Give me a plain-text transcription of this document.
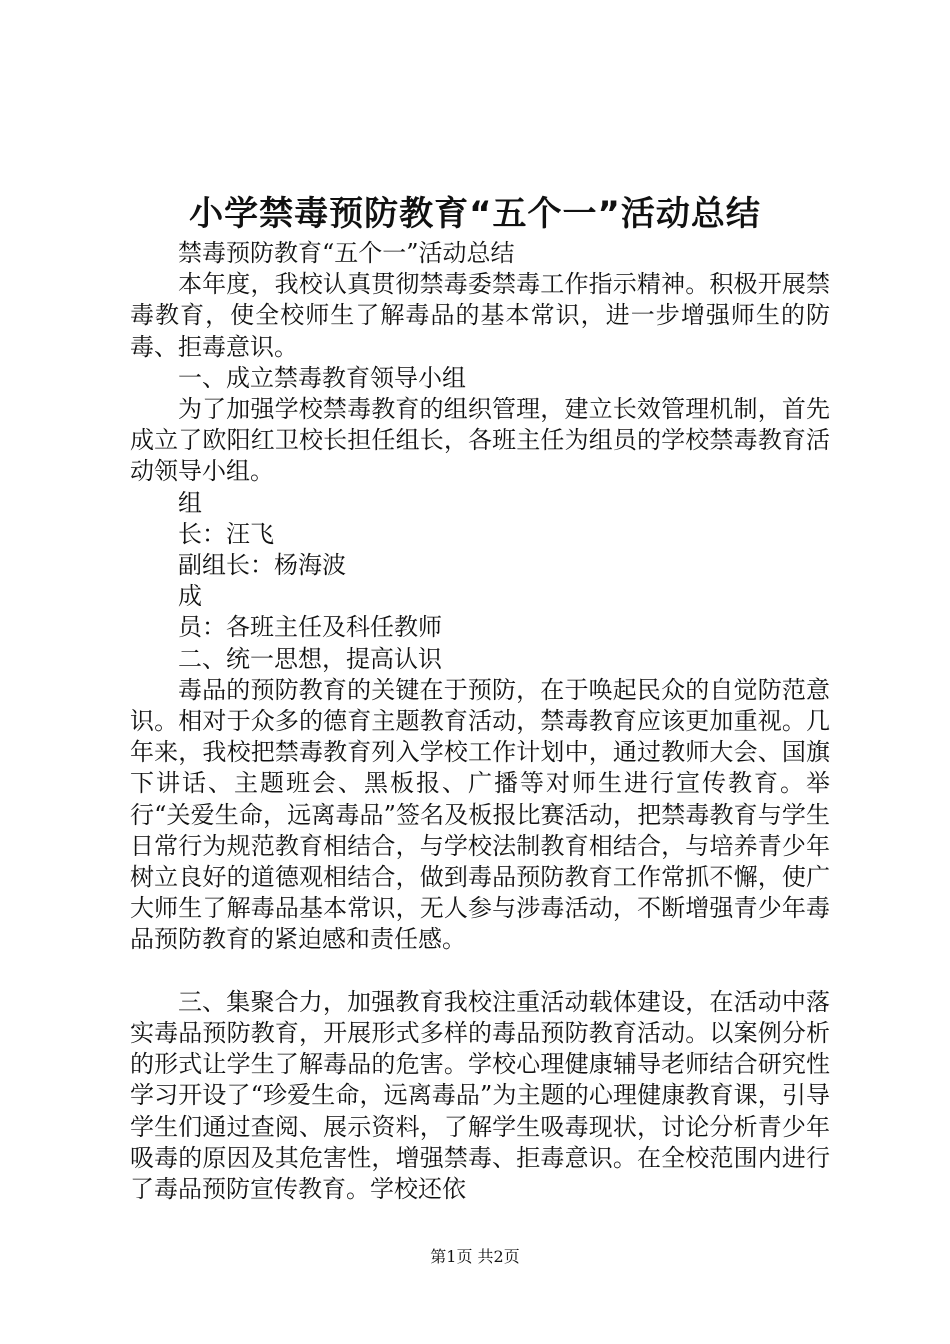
小学禁毒预防教育“五个一”活动总结

禁毒预防教育“五个一”活动总结

本年度，我校认真贯彻禁毒委禁毒工作指示精神。积极开展禁毒教育，使全校师生了解毒品的基本常识，进一步增强师生的防毒、拒毒意识。

一、成立禁毒教育领导小组

为了加强学校禁毒教育的组织管理，建立长效管理机制，首先成立了欧阳红卫校长担任组长，各班主任为组员的学校禁毒教育活动领导小组。

组

长：汪飞

副组长：杨海波

成

员：各班主任及科任教师

二、统一思想，提高认识

毒品的预防教育的关键在于预防，在于唤起民众的自觉防范意识。相对于众多的德育主题教育活动，禁毒教育应该更加重视。几年来，我校把禁毒教育列入学校工作计划中，通过教师大会、国旗下讲话、主题班会、黑板报、广播等对师生进行宣传教育。举行“关爱生命，远离毒品”签名及板报比赛活动，把禁毒教育与学生日常行为规范教育相结合，与学校法制教育相结合，与培养青少年树立良好的道德观相结合，做到毒品预防教育工作常抓不懈，使广大师生了解毒品基本常识，无人参与涉毒活动，不断增强青少年毒品预防教育的紧迫感和责任感。

三、集聚合力，加强教育我校注重活动载体建设，在活动中落实毒品预防教育，开展形式多样的毒品预防教育活动。以案例分析的形式让学生了解毒品的危害。学校心理健康辅导老师结合研究性学习开设了“珍爱生命，远离毒品”为主题的心理健康教育课，引导学生们通过查阅、展示资料，了解学生吸毒现状，讨论分析青少年吸毒的原因及其危害性，增强禁毒、拒毒意识。在全校范围内进行了毒品预防宣传教育。学校还依

第1页 共2页
